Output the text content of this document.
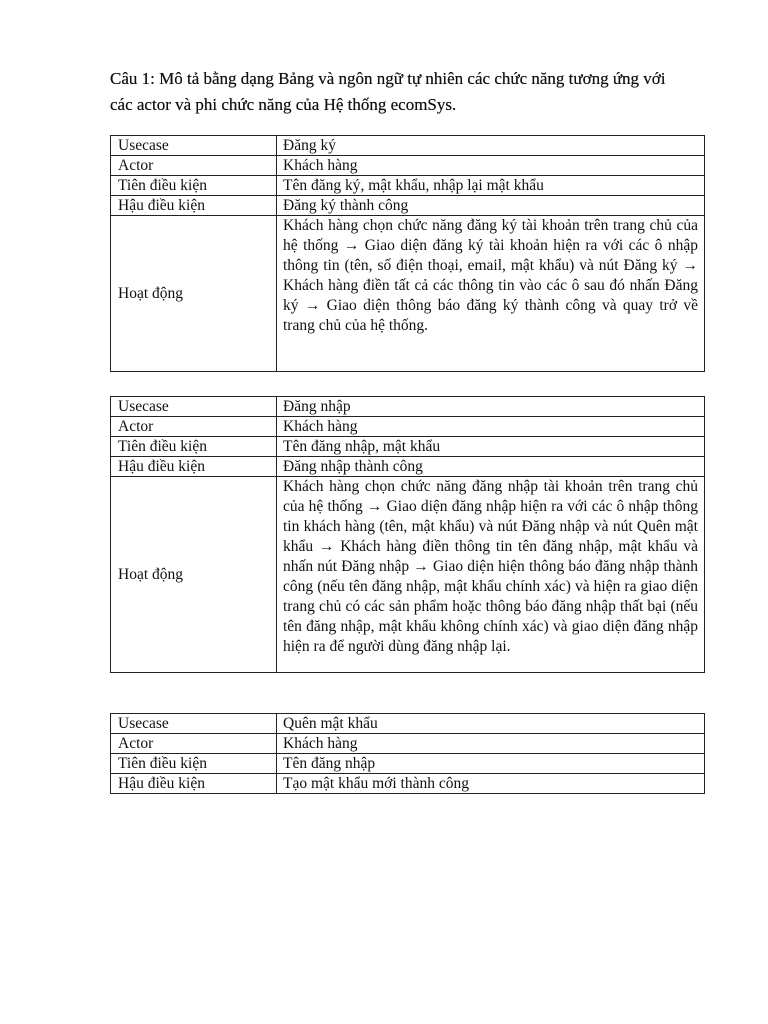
Câu 1: Mô tả bằng dạng Bảng và ngôn ngữ tự nhiên các chức năng tương ứng với các actor và phi chức năng của Hệ thống ecomSys.

Usecase	Đăng ký
Actor	Khách hàng
Tiên điều kiện	Tên đăng ký, mật khẩu, nhập lại mật khẩu
Hậu điều kiện	Đăng ký thành công
Hoạt động	Khách hàng chọn chức năng đăng ký tài khoản trên trang chủ của hệ thống → Giao diện đăng ký tài khoản hiện ra với các ô nhập thông tin (tên, số điện thoại, email, mật khẩu) và nút Đăng ký → Khách hàng điền tất cả các thông tin vào các ô sau đó nhấn Đăng ký → Giao diện thông báo đăng ký thành công và quay trở về trang chủ của hệ thống.
Usecase	Đăng nhập
Actor	Khách hàng
Tiên điều kiện	Tên đăng nhập, mật khẩu
Hậu điều kiện	Đăng nhập thành công
Hoạt động	Khách hàng chọn chức năng đăng nhập tài khoản trên trang chủ của hệ thống → Giao diện đăng nhập hiện ra với các ô nhập thông tin khách hàng (tên, mật khẩu) và nút Đăng nhập và nút Quên mật khẩu → Khách hàng điền thông tin tên đăng nhập, mật khẩu và nhấn nút Đăng nhập → Giao diện hiện thông báo đăng nhập thành công (nếu tên đăng nhập, mật khẩu chính xác) và hiện ra giao diện trang chủ có các sản phẩm hoặc thông báo đăng nhập thất bại (nếu tên đăng nhập, mật khẩu không chính xác) và giao diện đăng nhập hiện ra để người dùng đăng nhập lại.
Usecase	Quên mật khẩu
Actor	Khách hàng
Tiên điều kiện	Tên đăng nhập
Hậu điều kiện	Tạo mật khẩu mới thành công
